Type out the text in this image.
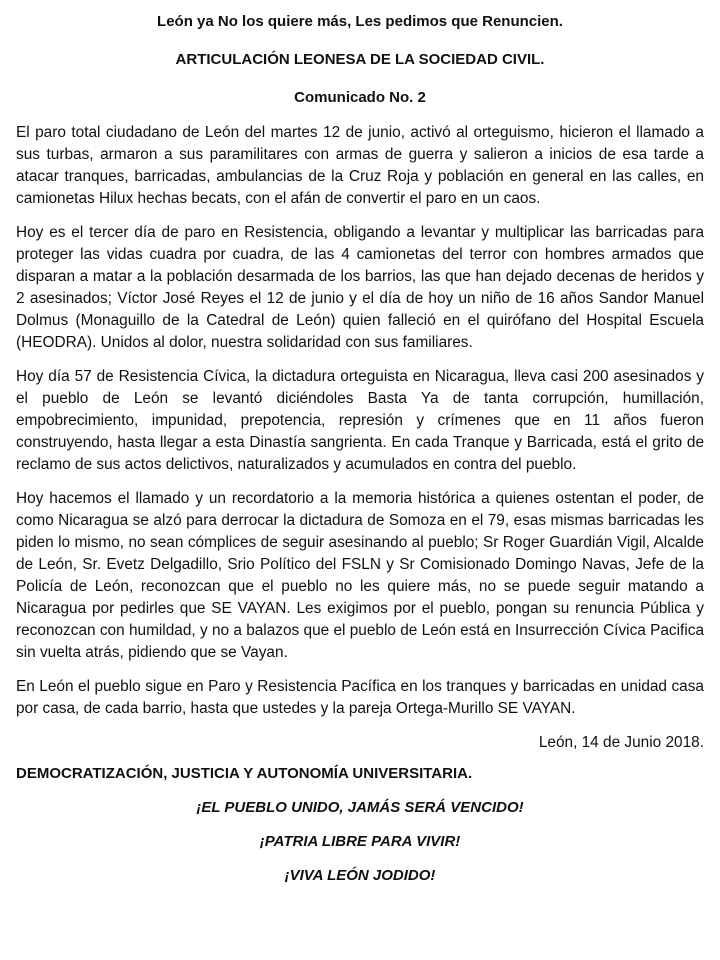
León ya No los quiere más, Les pedimos que Renuncien.

ARTICULACIÓN LEONESA DE LA SOCIEDAD CIVIL.

Comunicado No. 2

El paro total ciudadano de León del martes 12 de junio, activó al orteguismo, hicieron el llamado a sus turbas, armaron a sus paramilitares con armas de guerra y salieron a inicios de esa tarde a atacar tranques, barricadas, ambulancias de la Cruz Roja y población en general en las calles, en camionetas Hilux hechas becats, con el afán de convertir el paro en un caos.

Hoy es el tercer día de paro en Resistencia, obligando a levantar y multiplicar las barricadas para proteger las vidas cuadra por cuadra, de las 4 camionetas del terror con hombres armados que disparan a matar a la población desarmada de los barrios, las que han dejado decenas de heridos y 2 asesinados; Víctor José Reyes el 12 de junio y el día de hoy un niño de 16 años Sandor Manuel Dolmus (Monaguillo de la Catedral de León) quien falleció en el quirófano del Hospital Escuela (HEODRA). Unidos al dolor, nuestra solidaridad con sus familiares.

Hoy día 57 de Resistencia Cívica, la dictadura orteguista en Nicaragua, lleva casi 200 asesinados y el pueblo de León se levantó diciéndoles Basta Ya de tanta corrupción, humillación, empobrecimiento, impunidad, prepotencia, represión y crímenes que en 11 años fueron construyendo, hasta llegar a esta Dinastía sangrienta. En cada Tranque y Barricada, está el grito de reclamo de sus actos delictivos, naturalizados y acumulados en contra del pueblo.

Hoy hacemos el llamado y un recordatorio a la memoria histórica a quienes ostentan el poder, de como Nicaragua se alzó para derrocar la dictadura de Somoza en el 79, esas mismas barricadas les piden lo mismo, no sean cómplices de seguir asesinando al pueblo; Sr Roger Guardián Vigil, Alcalde de León, Sr. Evetz Delgadillo, Srio Político del FSLN y Sr Comisionado Domingo Navas, Jefe de la Policía de León, reconozcan que el pueblo no les quiere más, no se puede seguir matando a Nicaragua por pedirles que SE VAYAN. Les exigimos por el pueblo, pongan su renuncia Pública y reconozcan con humildad, y no a balazos que el pueblo de León está en Insurrección Cívica Pacifica sin vuelta atrás, pidiendo que se Vayan.

En León el pueblo sigue en Paro y Resistencia Pacífica en los tranques y barricadas en unidad casa por casa, de cada barrio, hasta que ustedes y la pareja Ortega-Murillo SE VAYAN.

León, 14 de Junio 2018.

DEMOCRATIZACIÓN, JUSTICIA Y AUTONOMÍA UNIVERSITARIA.

¡EL PUEBLO UNIDO, JAMÁS SERÁ VENCIDO!

¡PATRIA LIBRE PARA VIVIR!

¡VIVA LEÓN JODIDO!
